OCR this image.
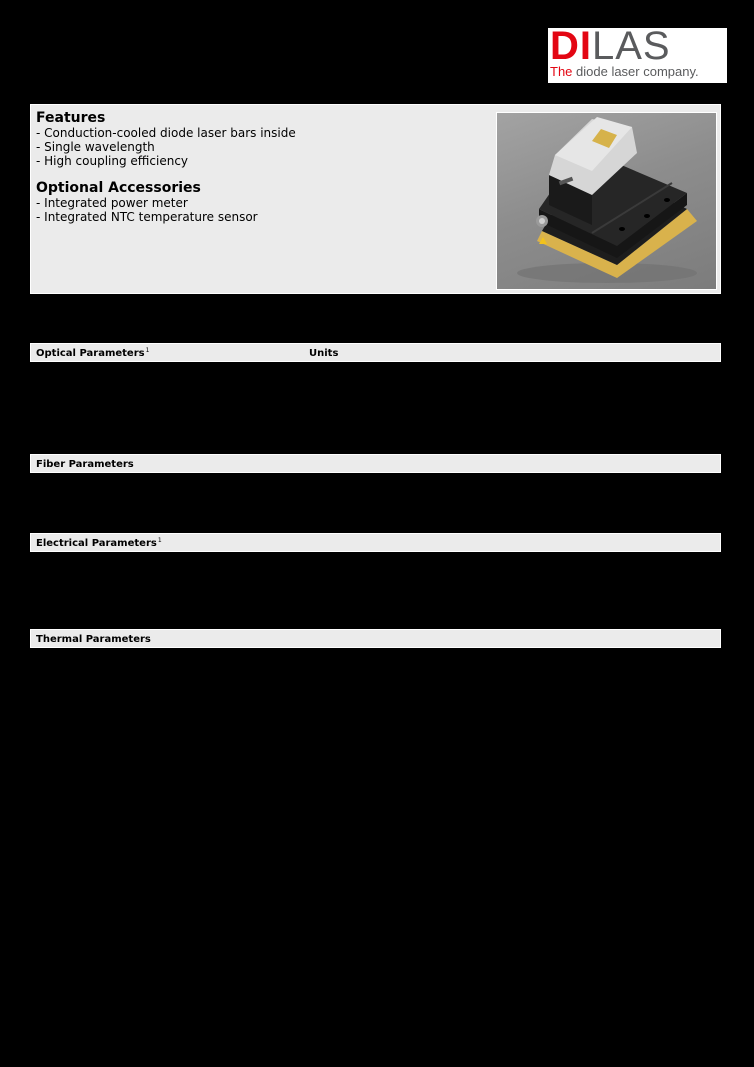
DILAS
The diode laser company.
Features
- Conduction-cooled diode laser bars inside
- Single wavelength
- High coupling efficiency
Optional Accessories
- Integrated power meter
- Integrated NTC temperature sensor
Optical Parameters$^1$	Units
Fiber Parameters
Electrical Parameters$^1$
Thermal Parameters
